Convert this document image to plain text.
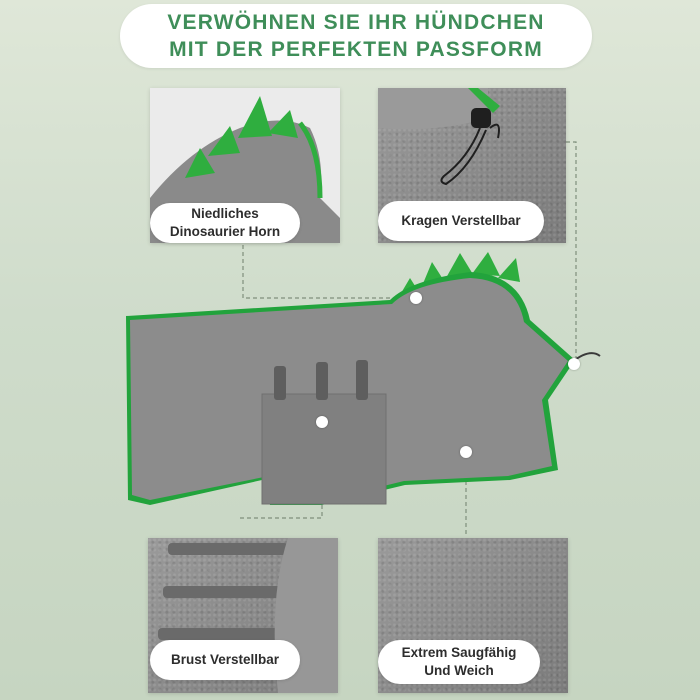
VERWÖHNEN SIE IHR HÜNDCHEN
MIT DER PERFEKTEN PASSFORM
Niedliches
Dinosaurier Horn
Kragen Verstellbar
Brust Verstellbar	Extrem Saugfähig
Und Weich
